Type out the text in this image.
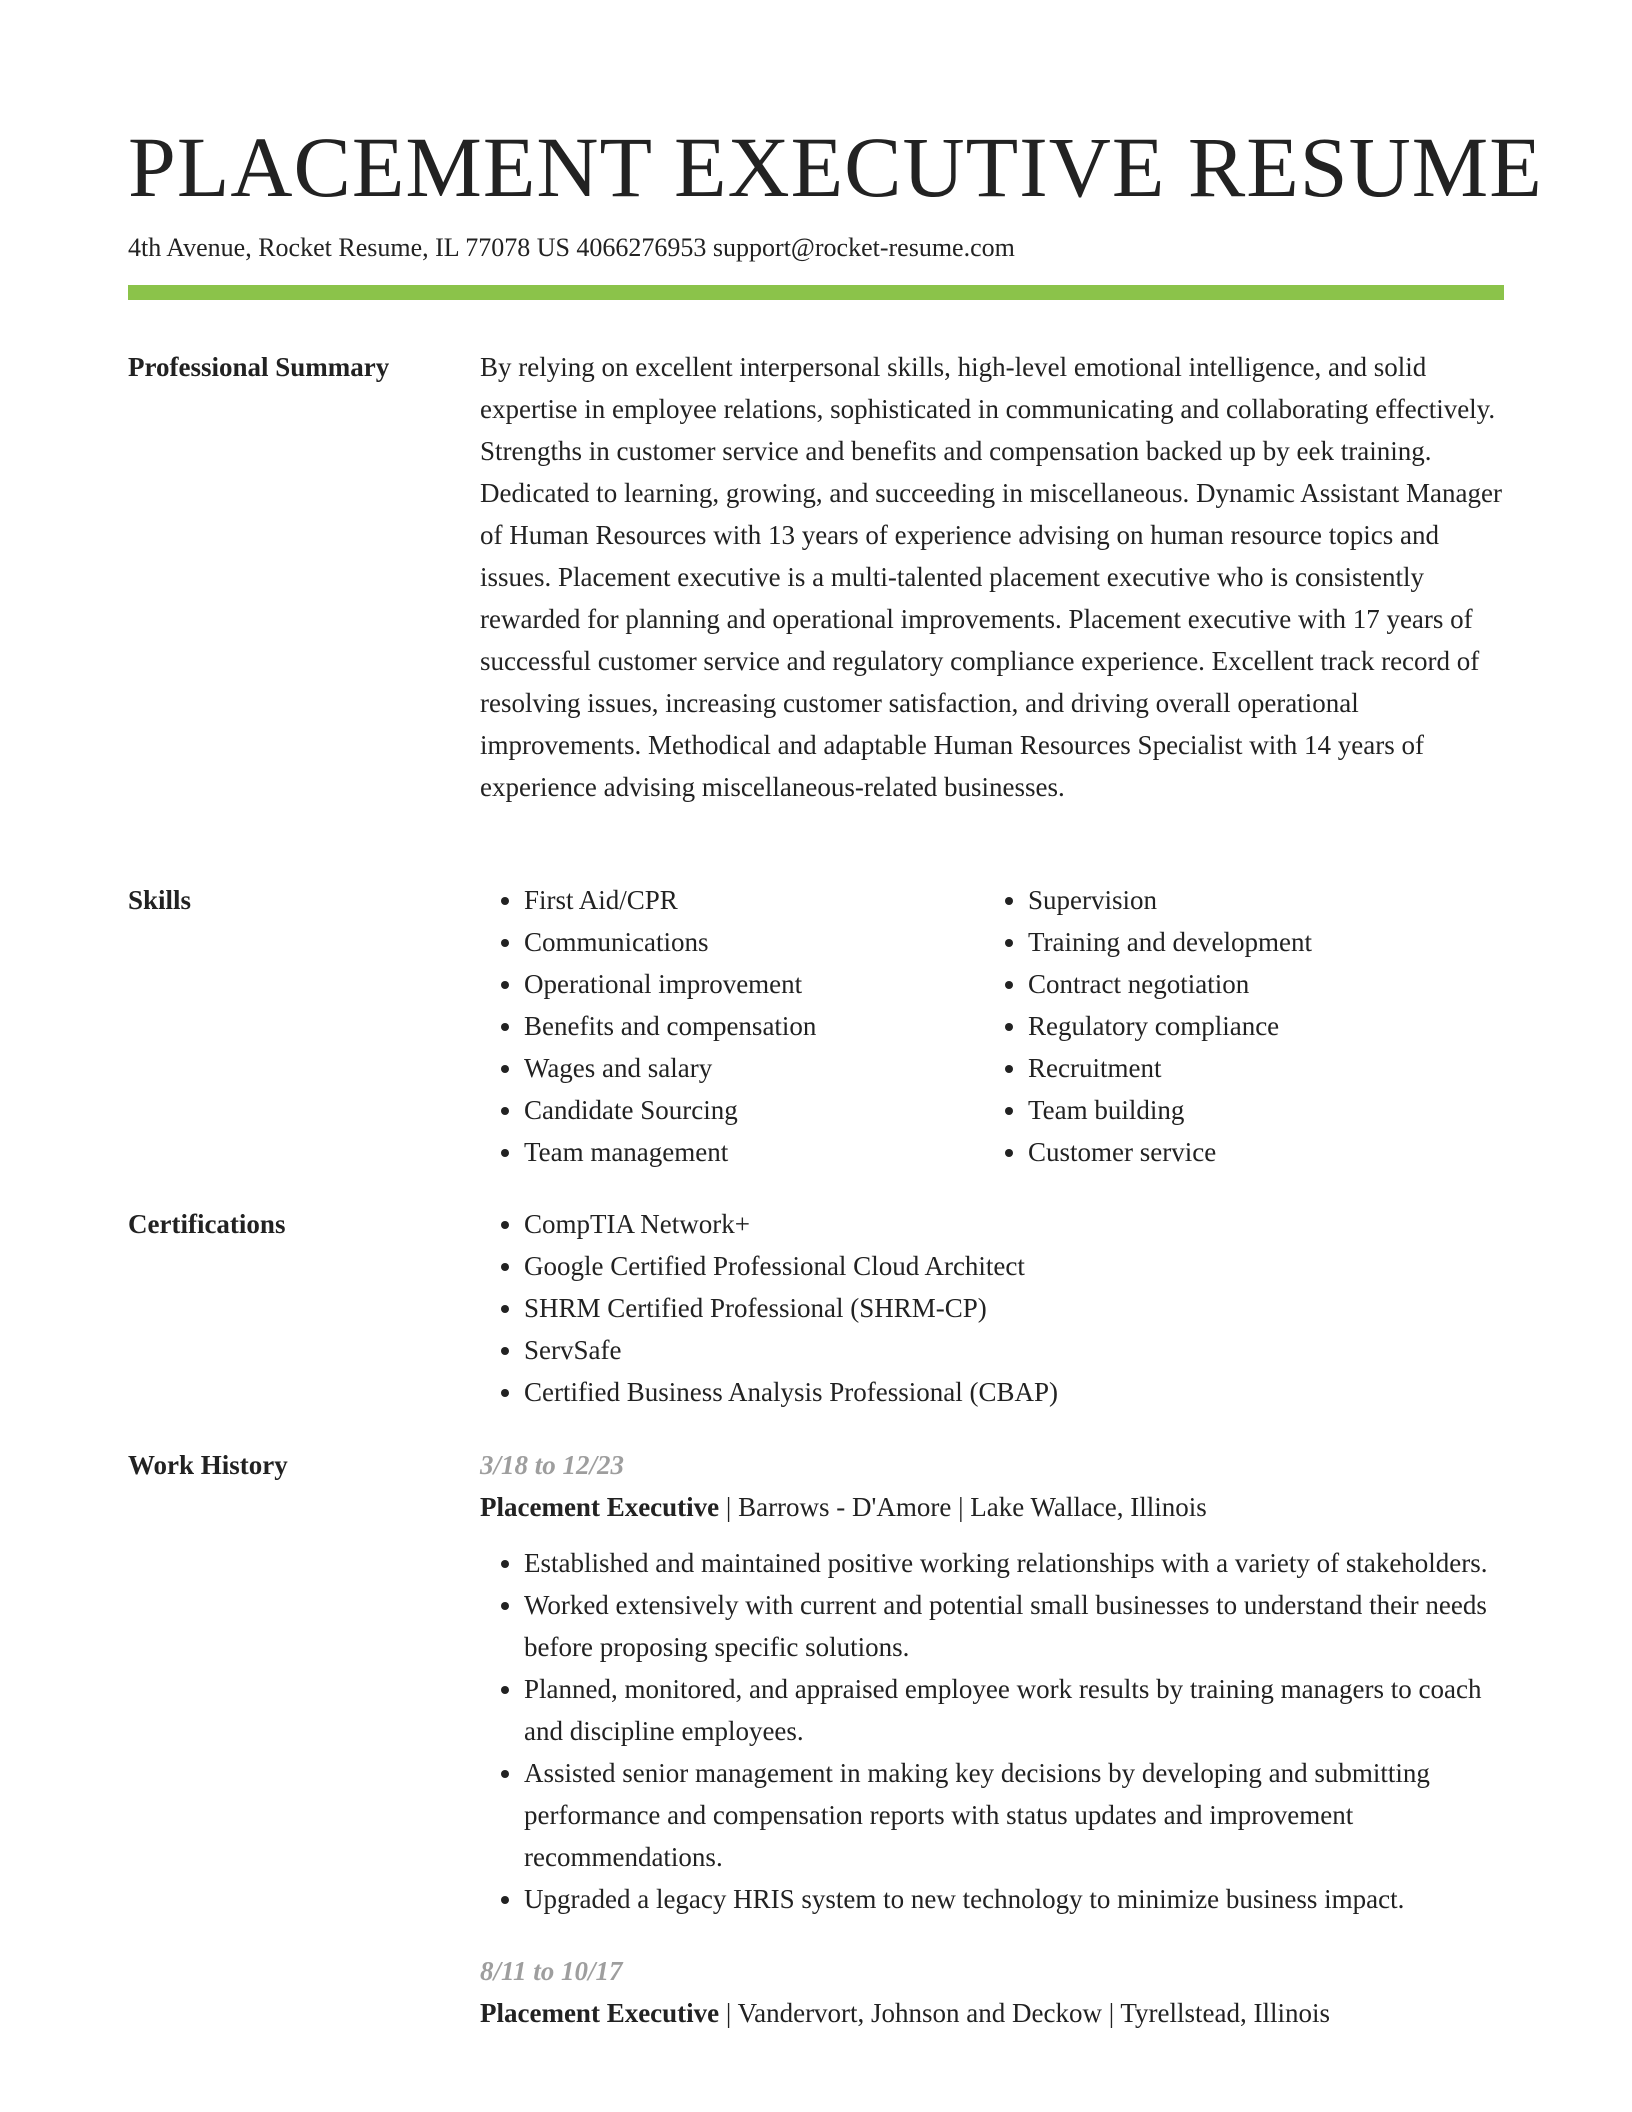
PLACEMENT EXECUTIVE RESUME
4th Avenue, Rocket Resume, IL 77078 US 4066276953 support@rocket-resume.com
Professional Summary	By relying on excellent interpersonal skills, high-level emotional intelligence, and solid expertise in employee relations, sophisticated in communicating and collaborating effectively. Strengths in customer service and benefits and compensation backed up by eek training. Dedicated to learning, growing, and succeeding in miscellaneous. Dynamic Assistant Manager of Human Resources with 13 years of experience advising on human resource topics and issues. Placement executive is a multi-talented placement executive who is consistently rewarded for planning and operational improvements. Placement executive with 17 years of successful customer service and regulatory compliance experience. Excellent track record of resolving issues, increasing customer satisfaction, and driving overall operational improvements. Methodical and adaptable Human Resources Specialist with 14 years of experience advising miscellaneous-related businesses.

Skills	• First Aid/CPR
• Communications
• Operational improvement
• Benefits and compensation
• Wages and salary
• Candidate Sourcing
• Team management
• Supervision
• Training and development
• Contract negotiation
• Regulatory compliance
• Recruitment
• Team building
• Customer service
Certifications	• CompTIA Network+
• Google Certified Professional Cloud Architect
• SHRM Certified Professional (SHRM-CP)
• ServSafe
• Certified Business Analysis Professional (CBAP)
Work History	3/18 to 12/23
Placement Executive | Barrows - D'Amore | Lake Wallace, Illinois
• Established and maintained positive working relationships with a variety of stakeholders.
• Worked extensively with current and potential small businesses to understand their needs before proposing specific solutions.
• Planned, monitored, and appraised employee work results by training managers to coach and discipline employees.
• Assisted senior management in making key decisions by developing and submitting performance and compensation reports with status updates and improvement recommendations.
• Upgraded a legacy HRIS system to new technology to minimize business impact.
8/11 to 10/17
Placement Executive | Vandervort, Johnson and Deckow | Tyrellstead, Illinois
